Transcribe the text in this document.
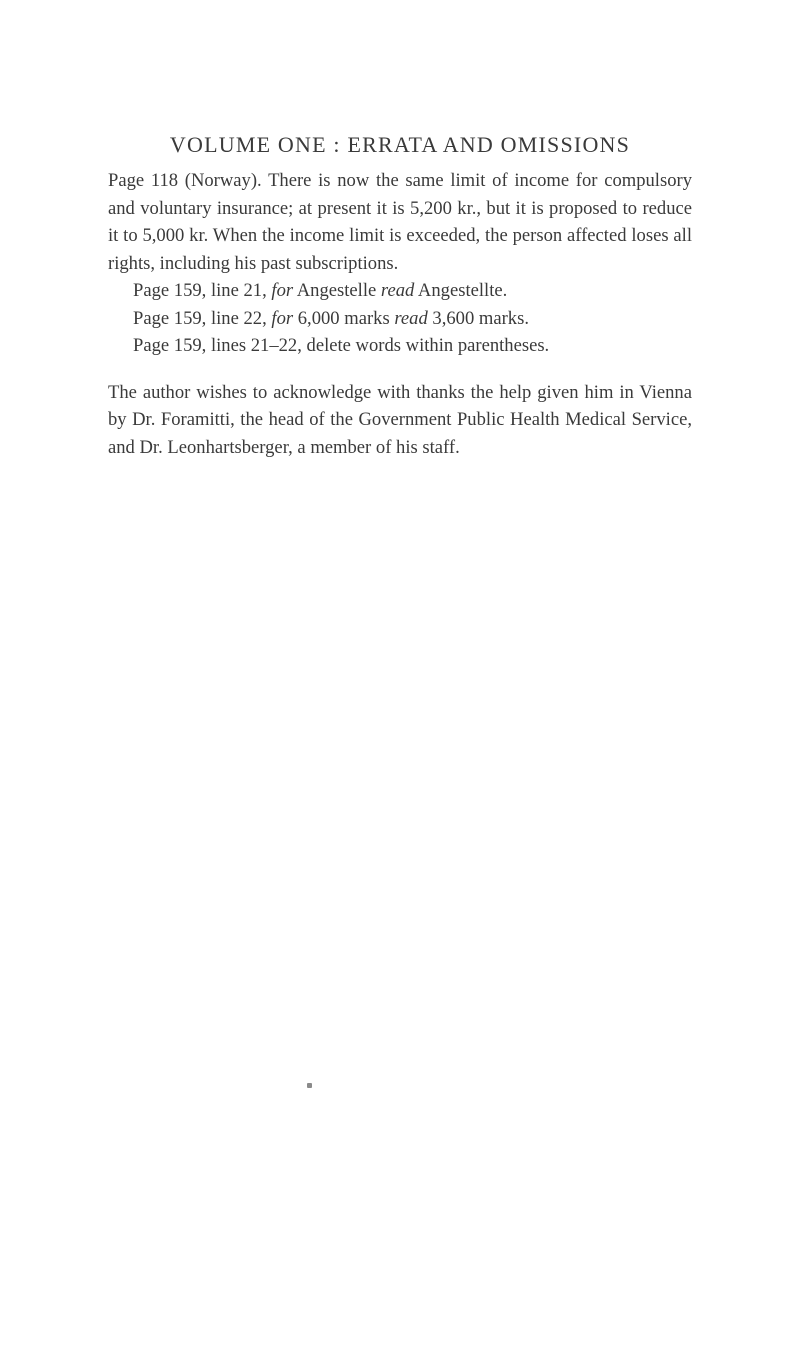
VOLUME ONE : ERRATA AND OMISSIONS

Page 118 (Norway). There is now the same limit of income for compulsory and voluntary insurance; at present it is 5,200 kr., but it is proposed to reduce it to 5,000 kr. When the income limit is exceeded, the person affected loses all rights, including his past subscriptions.

Page 159, line 21, for Angestelle read Angestellte.

Page 159, line 22, for 6,000 marks read 3,600 marks.

Page 159, lines 21–22, delete words within parentheses.

The author wishes to acknowledge with thanks the help given him in Vienna by Dr. Foramitti, the head of the Government Public Health Medical Service, and Dr. Leonhartsberger, a member of his staff.
